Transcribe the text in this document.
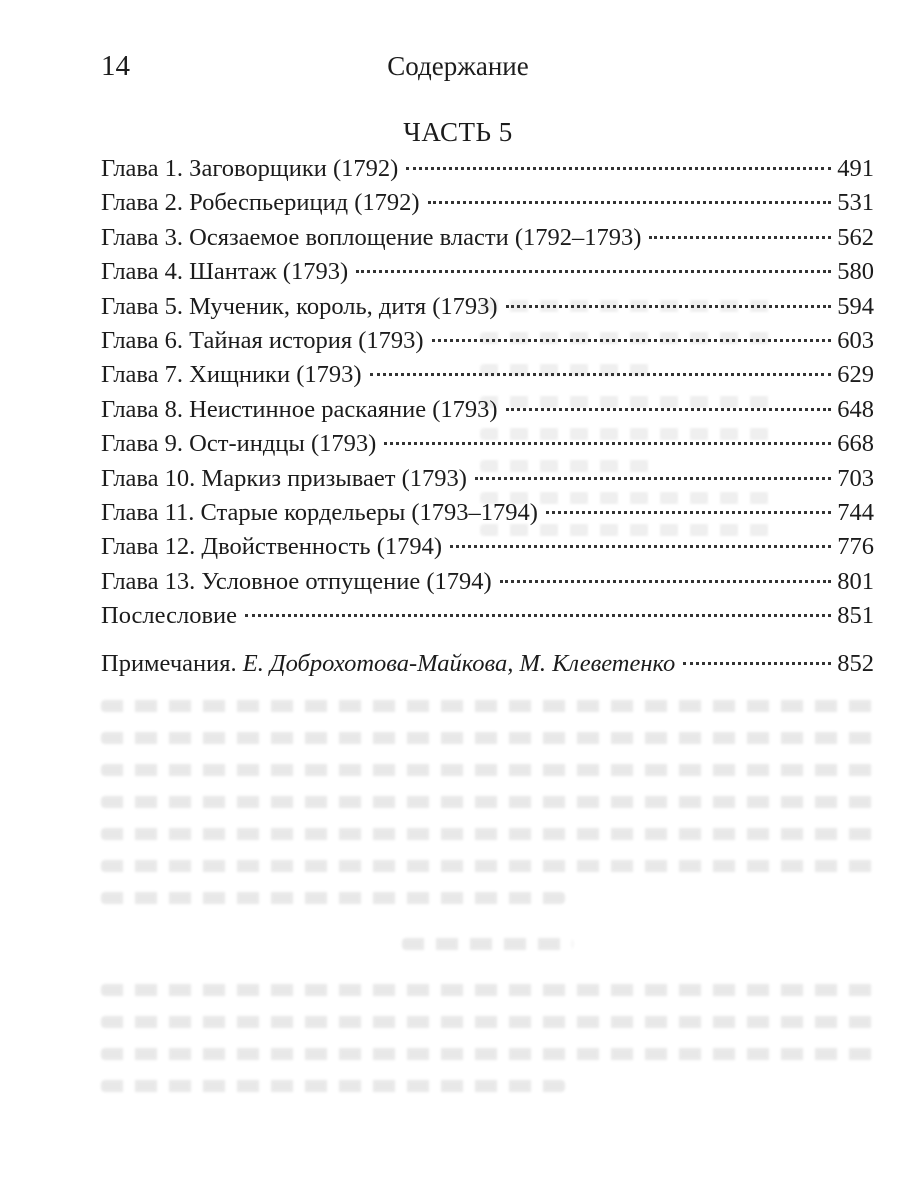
14	Содержание
ЧАСТЬ 5
Глава 1. Заговорщики (1792)	491
Глава 2. Робеспьерицид (1792)	531
Глава 3. Осязаемое воплощение власти (1792–1793)	562
Глава 4. Шантаж (1793)	580
Глава 5. Мученик, король, дитя (1793)	594
Глава 6. Тайная история (1793)	603
Глава 7. Хищники (1793)	629
Глава 8. Неистинное раскаяние (1793)	648
Глава 9. Ост-индцы (1793)	668
Глава 10. Маркиз призывает (1793)	703
Глава 11. Старые кордельеры (1793–1794)	744
Глава 12. Двойственность (1794)	776
Глава 13. Условное отпущение (1794)	801
Послесловие	851
Примечания. Е. Доброхотова-Майкова, М. Клеветенко	852
